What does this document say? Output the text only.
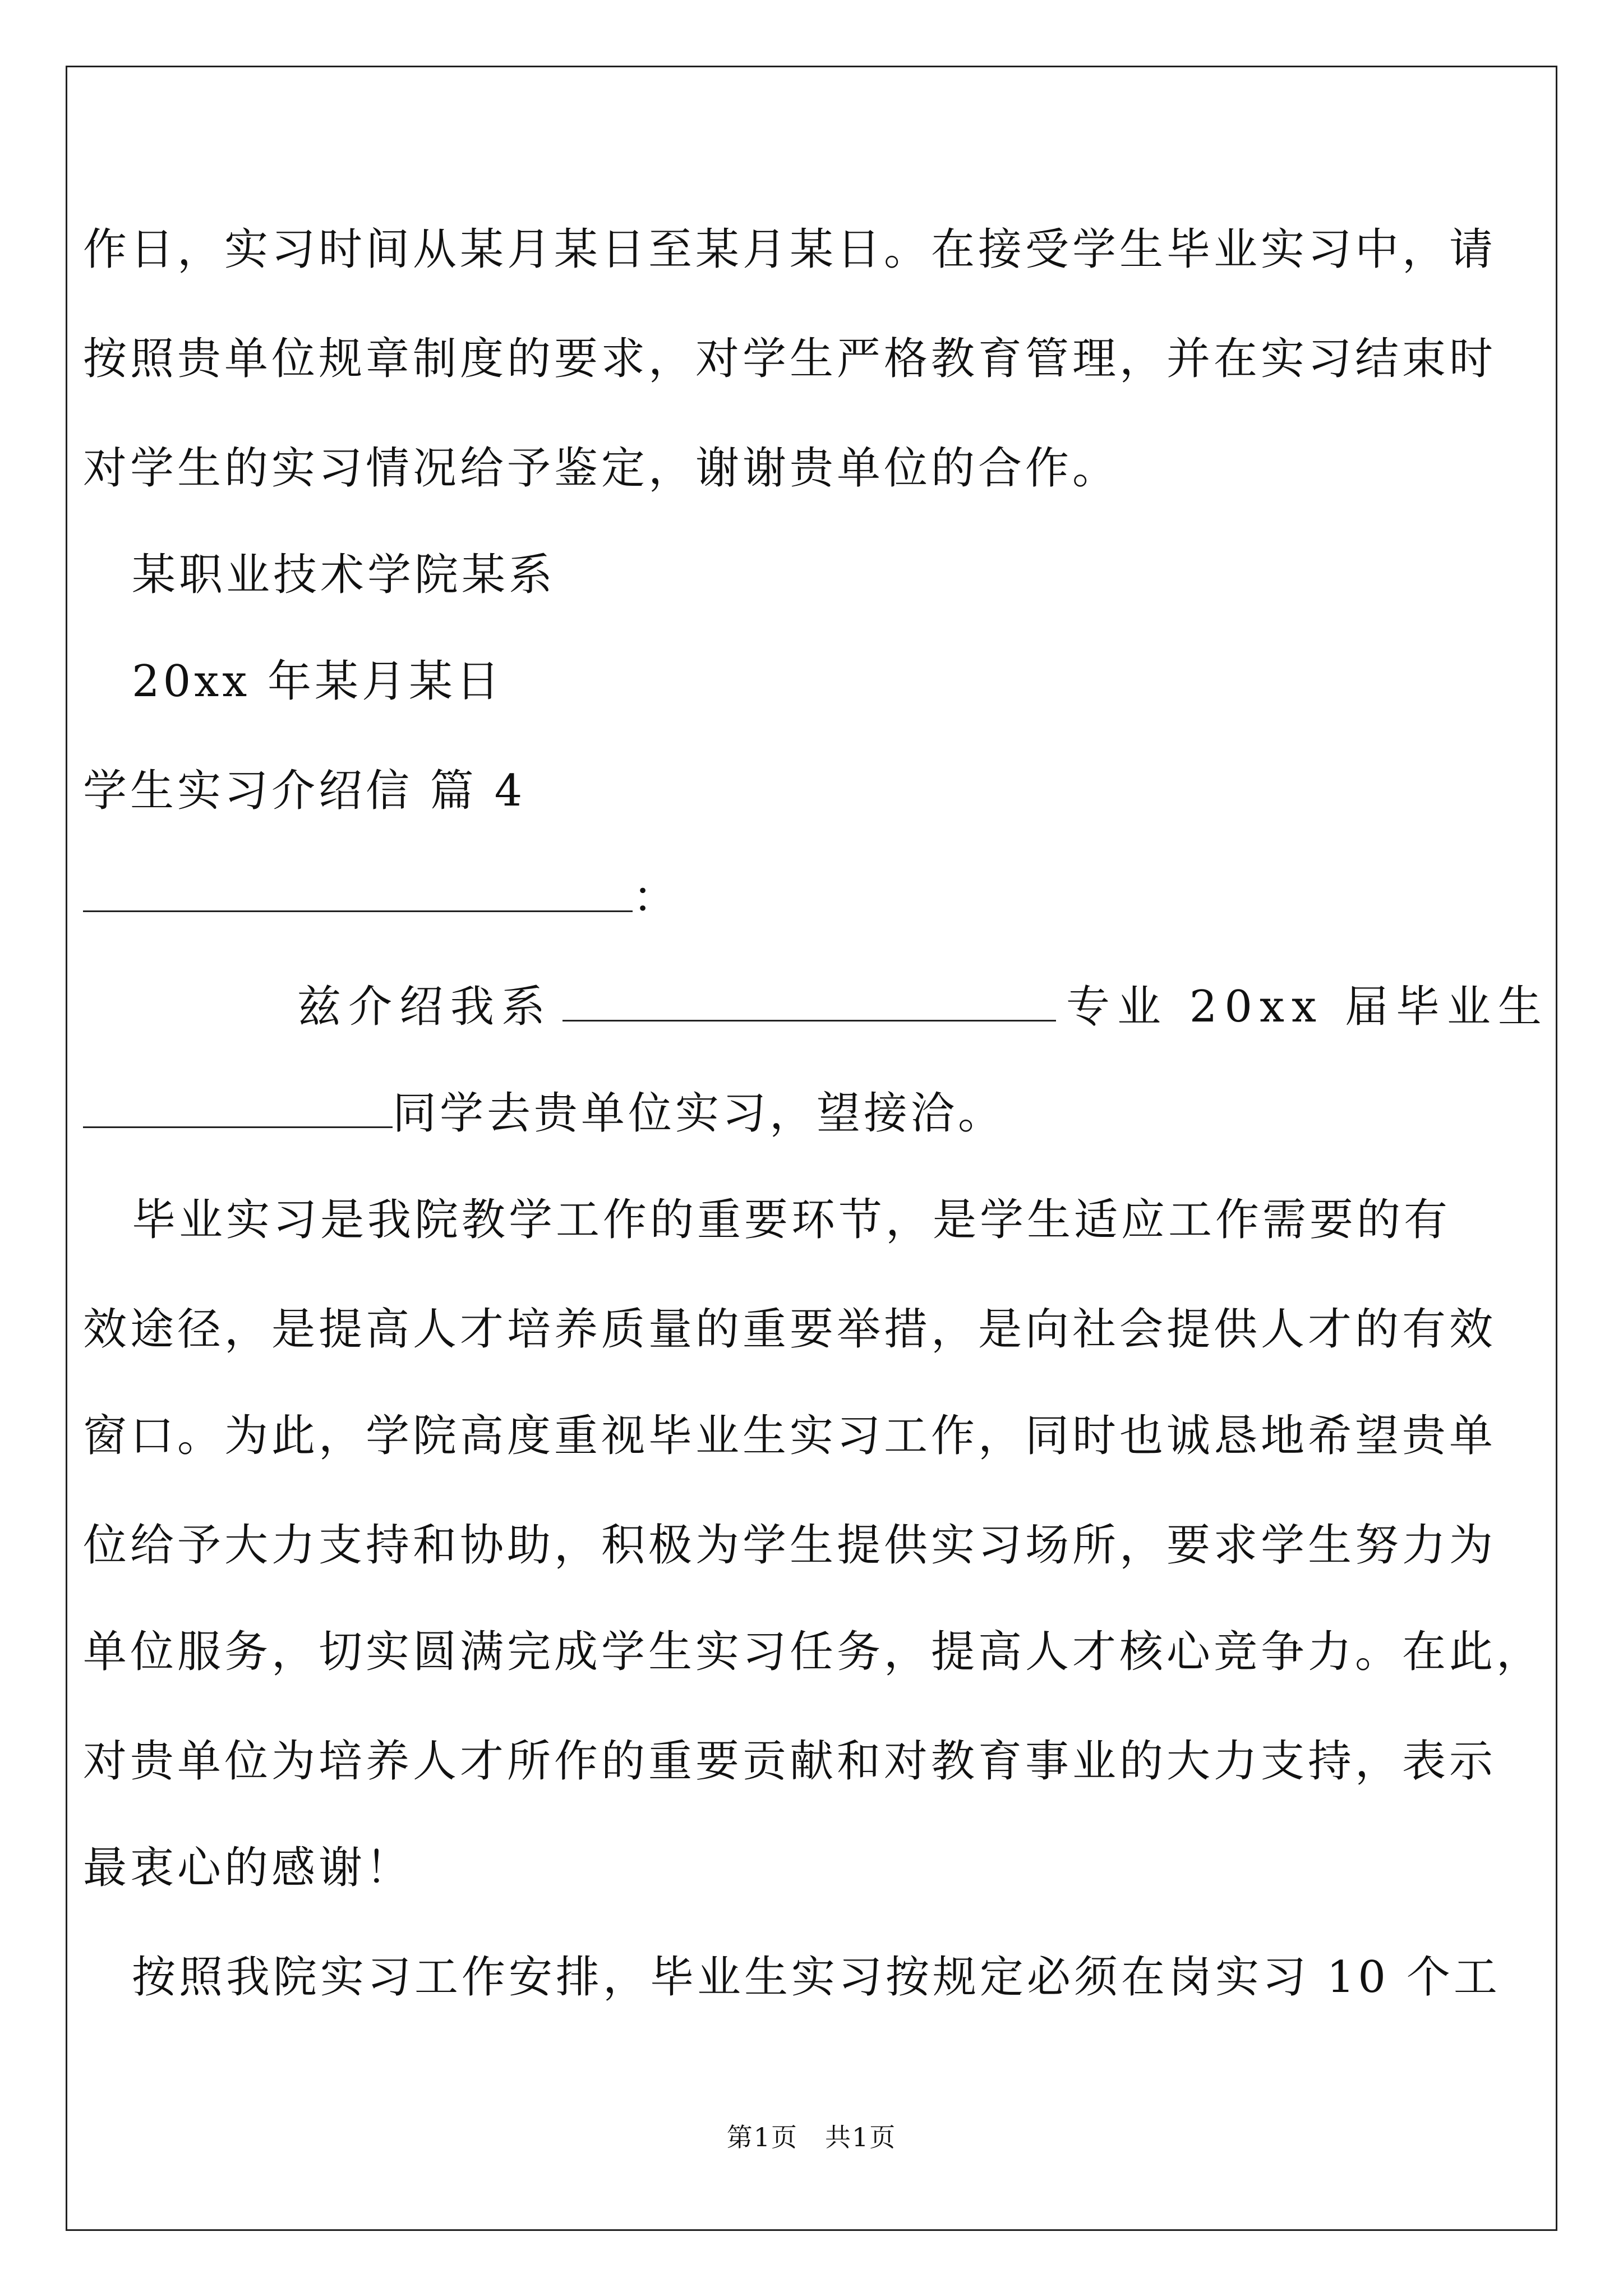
作日，实习时间从某月某日至某月某日。在接受学生毕业实习中，请
按照贵单位规章制度的要求，对学生严格教育管理，并在实习结束时
对学生的实习情况给予鉴定，谢谢贵单位的合作。
某职业技术学院某系
20xx 年某月某日
学生实习介绍信 篇 4
：
兹介绍我系	专业 20xx 届毕业生
同学去贵单位实习，望接洽。
毕业实习是我院教学工作的重要环节，是学生适应工作需要的有
效途径，是提高人才培养质量的重要举措，是向社会提供人才的有效
窗口。为此，学院高度重视毕业生实习工作，同时也诚恳地希望贵单
位给予大力支持和协助，积极为学生提供实习场所，要求学生努力为
单位服务，切实圆满完成学生实习任务，提高人才核心竞争力。在此，
对贵单位为培养人才所作的重要贡献和对教育事业的大力支持，表示
最衷心的感谢！
按照我院实习工作安排，毕业生实习按规定必须在岗实习 10 个工
第1页　共1页
